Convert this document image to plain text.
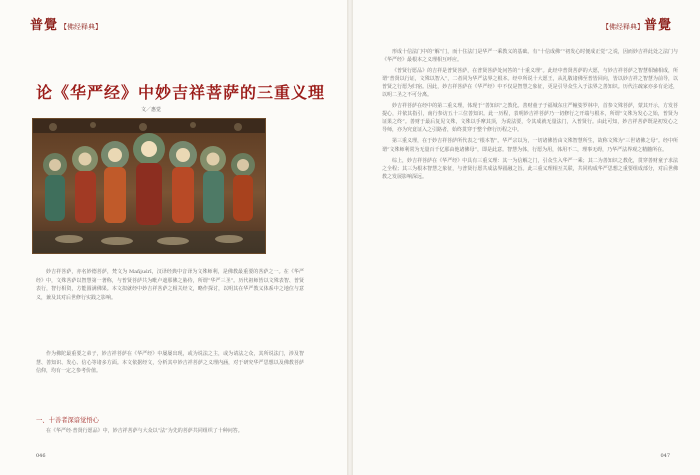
普覺 【佛经释典】
论《华严经》中妙吉祥菩萨的三重义理
文／惠觉

妙吉祥菩萨，亦名妙德菩萨，梵文为 Mañjuśrī，汉译经典中音译为文殊师利，是佛教最重要的菩萨之一。在《华严经》中，文殊菩萨以智慧第一著称，与普贤菩萨共为毗卢遮那佛之胁侍，所谓“华严三圣”。历代祖师皆以文殊表智、普贤表行，智行相资，方能圆满佛果。本文拟就经中妙吉祥菩萨之相关经文，略作探讨，以明其在华严教义体系中之地位与意义，兼及其对后世修行实践之影响。

作为佛陀最重要之弟子，妙吉祥菩萨在《华严经》中屡屡出现，或为说法之主，或为请法之众，其所说法门，涉及智慧、善知识、发心、信心等诸多方面。本文依据经文，分析其中妙吉祥菩萨之义理内涵，对于研究华严思想以及佛教菩萨信仰，均有一定之参考价值。

一、十善者深谙觉悟心

在《华严经·普贤行愿品》中，妙吉祥菩萨与大众以“法”为先的菩萨共同组织了十种问答。

046
【佛经释典】普覺

形成十信法门中的“解”门，而十住法门是华严一乘教义的基础。有“十信成佛”“初发心时便成正觉”之说，因而妙吉祥此处之法门与《华严经》最根本之义理相互呼应。

《普贤行愿品》的吉祥是普贤菩萨，在普贤菩萨处问答的“十重义理”。此经中普贤菩萨的大愿，与妙吉祥菩萨之智慧相辅相成，所谓“普贤以行证，文殊以智入”，二者同为华严法界之根本。经中所说十大愿王，从礼敬诸佛至普皆回向，皆以妙吉祥之智慧为前导，以普贤之行愿为归宿。因此，妙吉祥菩萨在《华严经》中不仅是智慧之象征，更是引导众生入于法界之善知识。历代注疏家亦多有论述，以明二圣之不可分离。

妙吉祥菩萨在经中的第二重义理，体现于“善知识”之教化。善财童子于福城东庄严幢娑罗林中，首参文殊菩萨，蒙其开示，方发菩提心，并依其指引，南行参访五十三位善知识。此一历程，表明妙吉祥菩萨乃一切修行之开端与根本，所谓“文殊为发心之始，普贤为证果之终”。善财于最后复见文殊，文殊以手摩其顶，为说法要，令其成就无量法门，入普贤行。由此可知，妙吉祥菩萨既是初发心之导师，亦为究竟证入之引路者，始终贯穿于整个修行历程之中。

第三重义理，在于妙吉祥菩萨所代表之“根本智”。华严宗以为，一切诸佛皆由文殊智慧所生，故称文殊为“三世诸佛之母”。经中所谓“文殊师利常为无量百千亿那由他诸佛母”，即是此意。智慧为体，行愿为用，体用不二，理事无碍，乃华严法界观之精髓所在。

综上，妙吉祥菩萨在《华严经》中具有三重义理：其一为信解之门，引众生入华严一乘；其二为善知识之教化，贯穿善财童子求法之全程；其三为根本智慧之象征，与普贤行愿共成法界圆融之旨。此三重义理相互关联，共同构成华严思想之重要组成部分，对后世佛教之发展影响深远。

047
